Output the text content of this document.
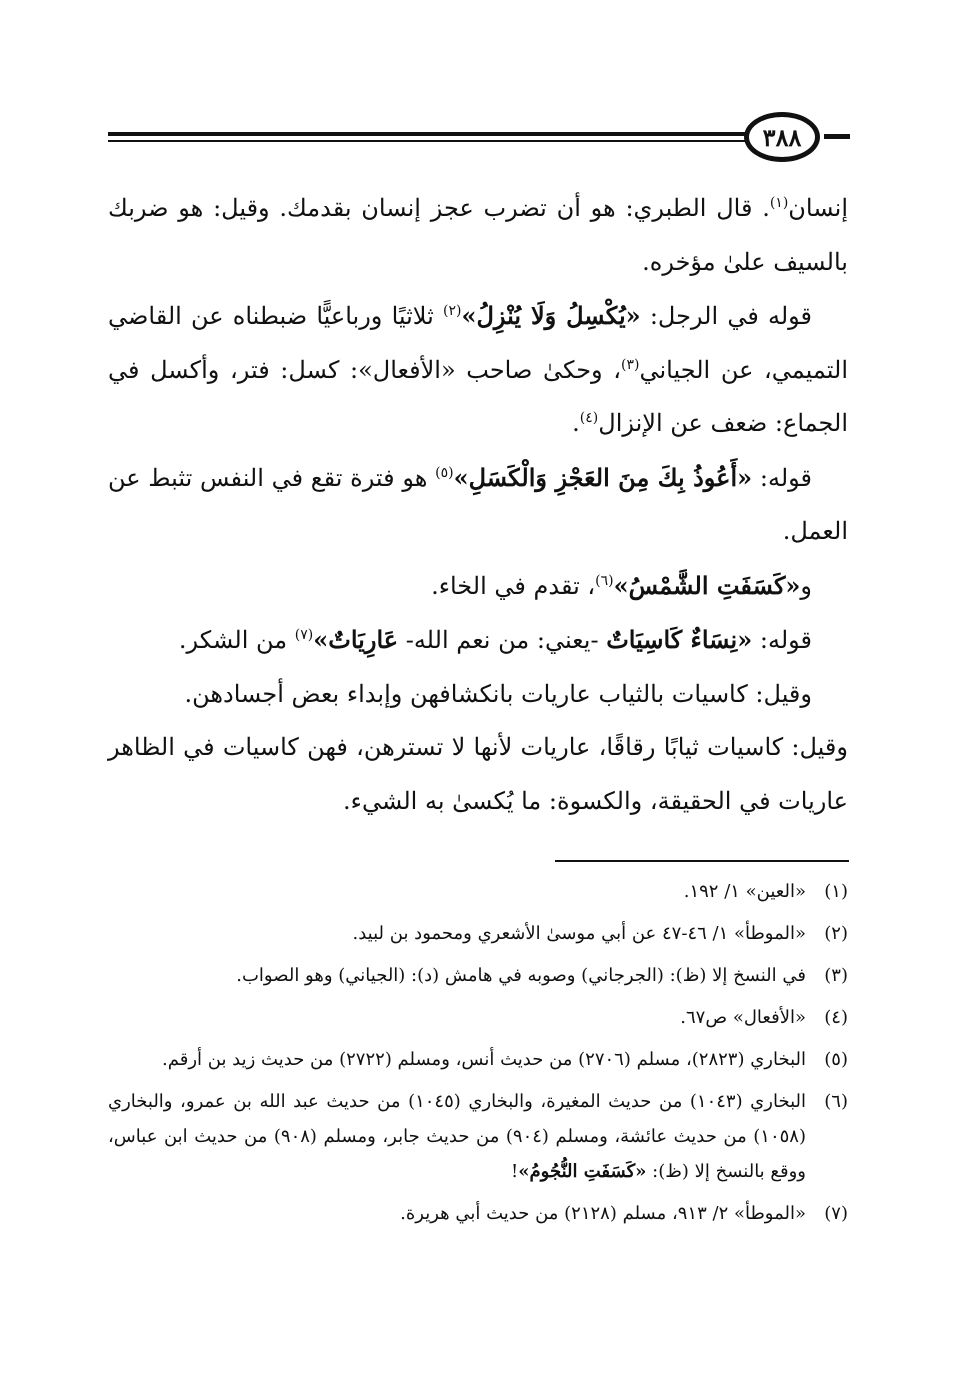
٣٨٨

إنسان$^{(١)}$. قال الطبري: هو أن تضرب عجز إنسان بقدمك. وقيل: هو ضربك بالسيف علىٰ مؤخره.

قوله في الرجل: «يُكْسِلُ وَلَا يُنْزِلُ»$^{(٢)}$ ثلاثيًا ورباعيًّا ضبطناه عن القاضي التميمي، عن الجياني$^{(٣)}$، وحكىٰ صاحب «الأفعال»: كسل: فتر، وأكسل في الجماع: ضعف عن الإنزال$^{(٤)}$.

قوله: «أَعُوذُ بِكَ مِنَ العَجْزِ وَالْكَسَلِ»$^{(٥)}$ هو فترة تقع في النفس تثبط عن العمل.

و«كَسَفَتِ الشَّمْسُ»$^{(٦)}$، تقدم في الخاء.

قوله: «نِسَاءٌ كَاسِيَاتٌ -يعني: من نعم الله- عَارِيَاتٌ»$^{(٧)}$ من الشكر.

وقيل: كاسيات بالثياب عاريات بانكشافهن وإبداء بعض أجسادهن.

وقيل: كاسيات ثيابًا رقاقًا، عاريات لأنها لا تسترهن، فهن كاسيات في الظاهر عاريات في الحقيقة، والكسوة: ما يُكسىٰ به الشيء.

(١)
«العين» ١/ ١٩٢.
(٢)
«الموطأ» ١/ ٤٦-٤٧ عن أبي موسىٰ الأشعري ومحمود بن لبيد.
(٣)
في النسخ إلا (ظ): (الجرجاني) وصوبه في هامش (د): (الجياني) وهو الصواب.
(٤)
«الأفعال» ص٦٧.
(٥)
البخاري (٢٨٢٣)، مسلم (٢٧٠٦) من حديث أنس، ومسلم (٢٧٢٢) من حديث زيد بن أرقم.
(٦)
البخاري (١٠٤٣) من حديث المغيرة، والبخاري (١٠٤٥) من حديث عبد الله بن عمرو، والبخاري (١٠٥٨) من حديث عائشة، ومسلم (٩٠٤) من حديث جابر، ومسلم (٩٠٨) من حديث ابن عباس، ووقع بالنسخ إلا (ظ): «كَسَفَتِ النُّجُومُ»!
(٧)
«الموطأ» ٢/ ٩١٣، مسلم (٢١٢٨) من حديث أبي هريرة.
